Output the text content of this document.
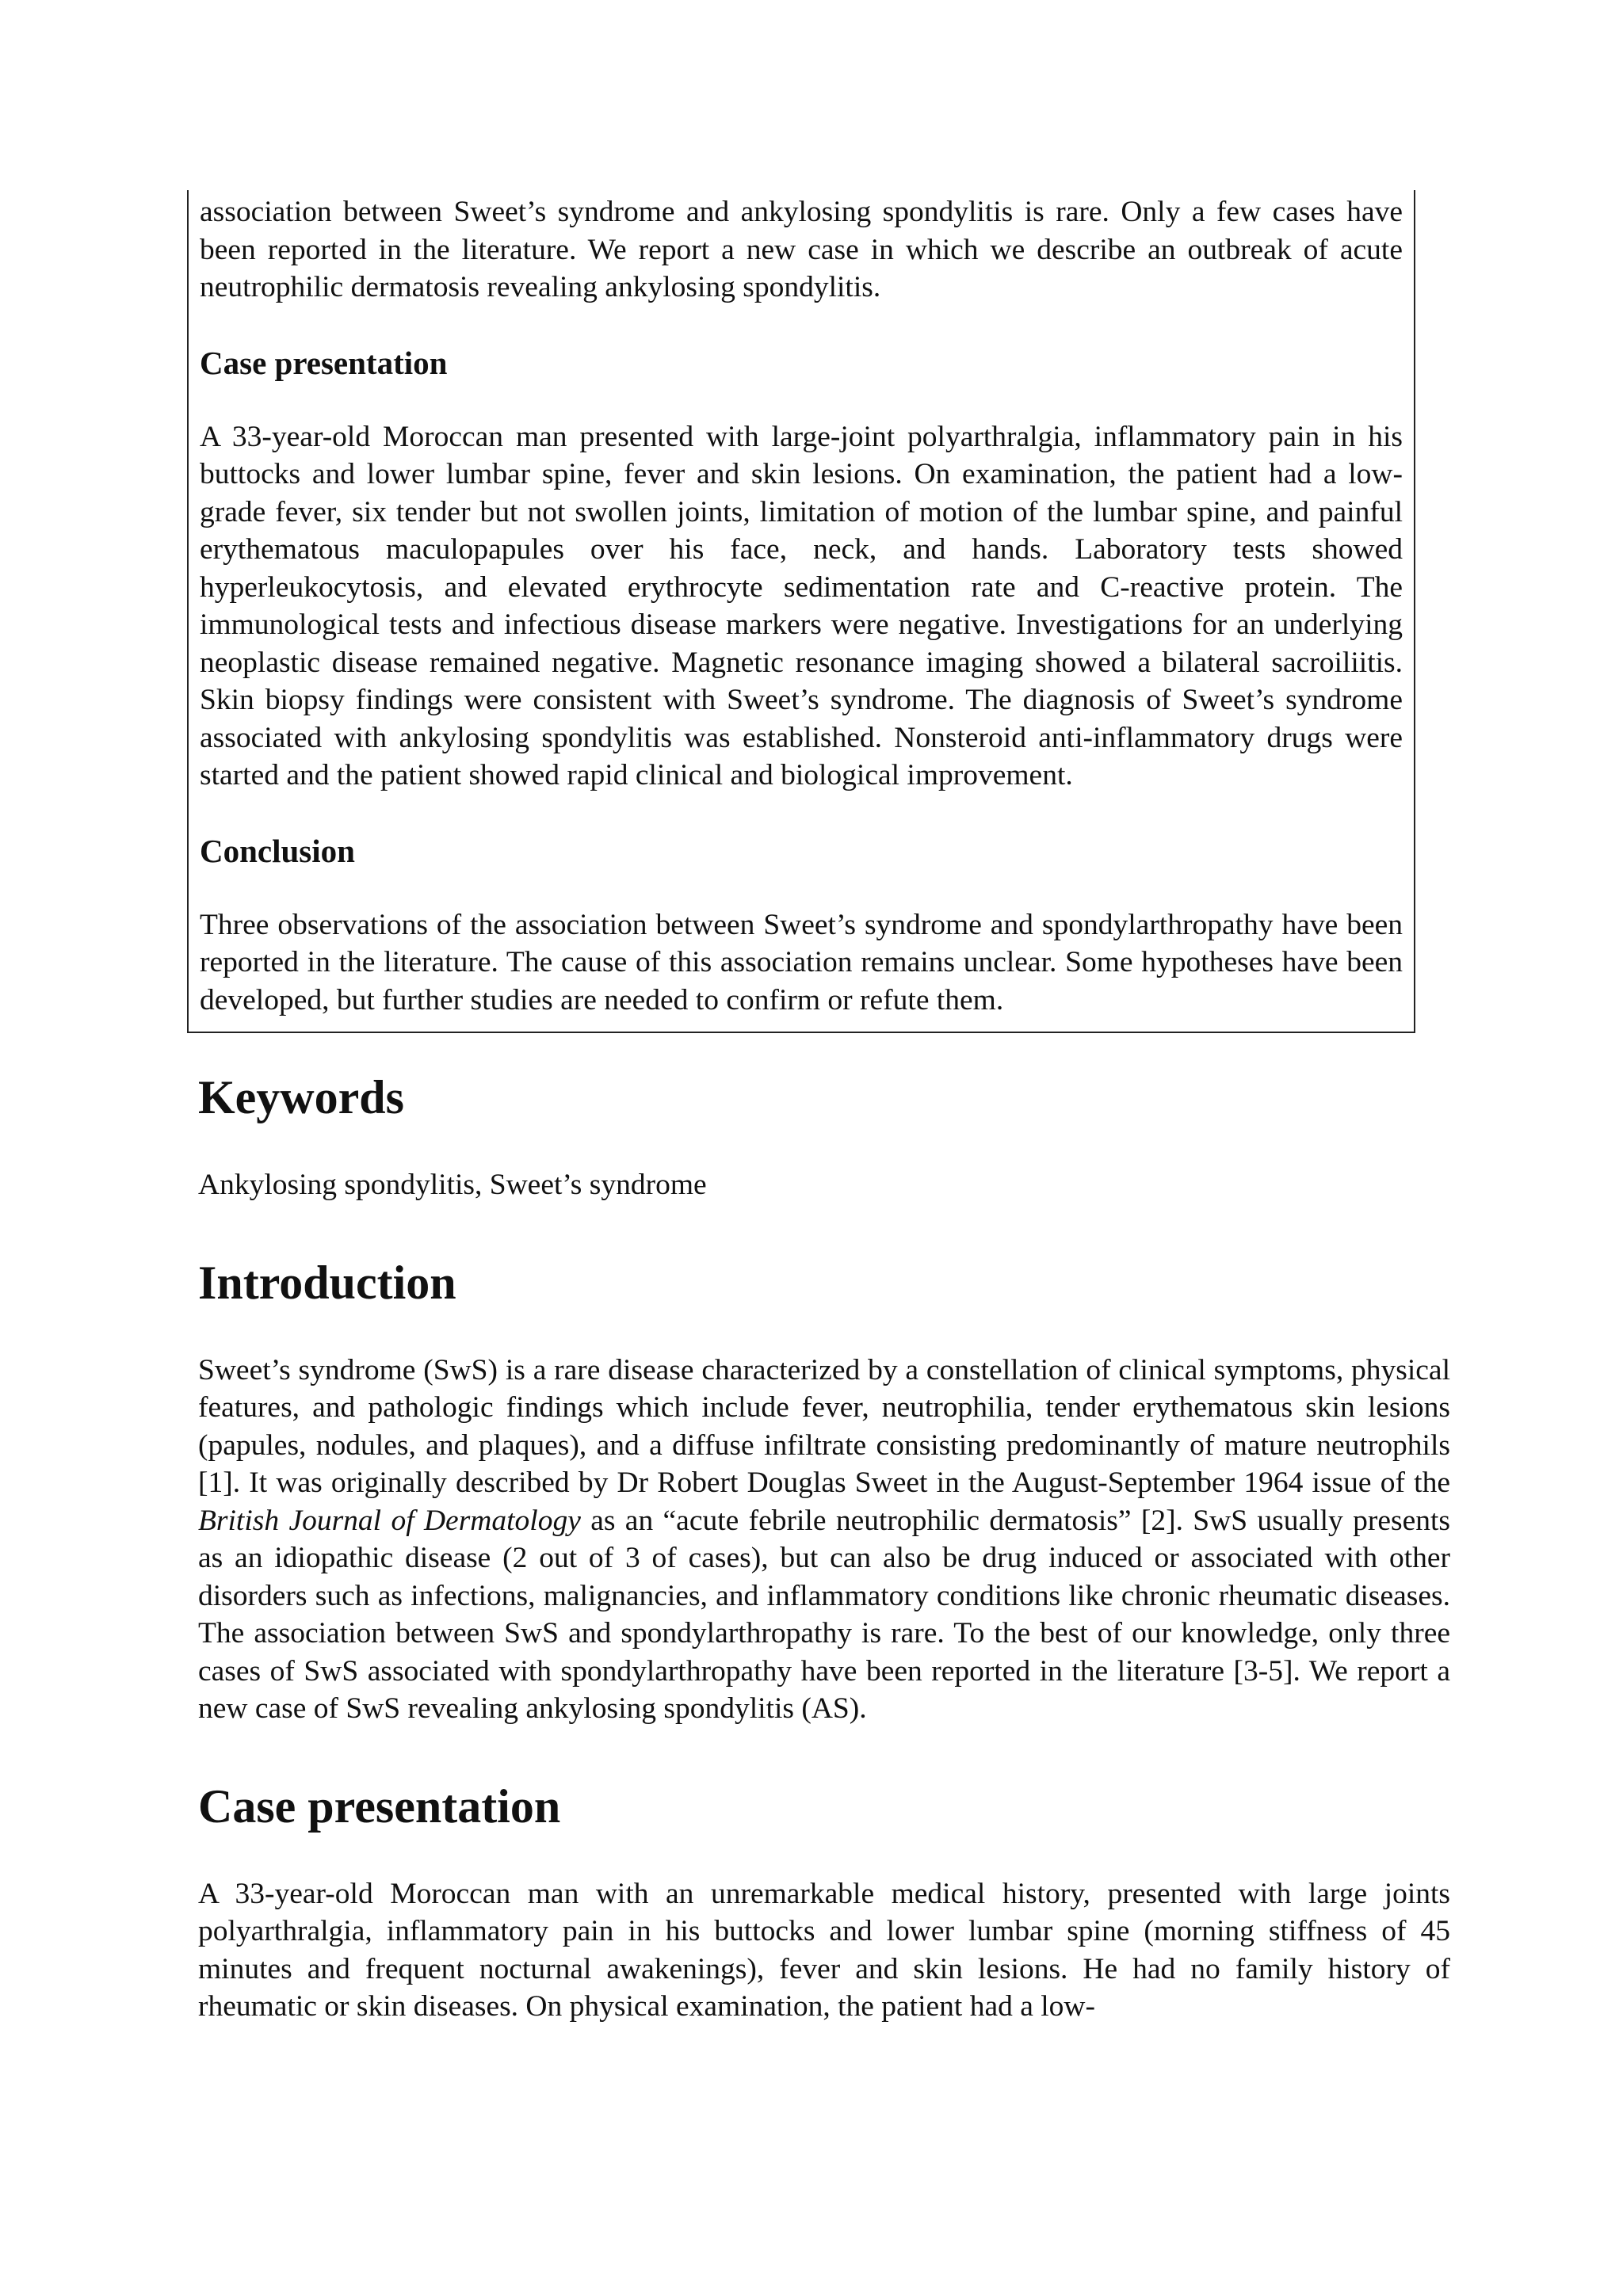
association between Sweet’s syndrome and ankylosing spondylitis is rare. Only a few cases have been reported in the literature. We report a new case in which we describe an outbreak of acute neutrophilic dermatosis revealing ankylosing spondylitis.

Case presentation

A 33-year-old Moroccan man presented with large-joint polyarthralgia, inflammatory pain in his buttocks and lower lumbar spine, fever and skin lesions. On examination, the patient had a low-grade fever, six tender but not swollen joints, limitation of motion of the lumbar spine, and painful erythematous maculopapules over his face, neck, and hands. Laboratory tests showed hyperleukocytosis, and elevated erythrocyte sedimentation rate and C-reactive protein. The immunological tests and infectious disease markers were negative. Investigations for an underlying neoplastic disease remained negative. Magnetic resonance imaging showed a bilateral sacroiliitis. Skin biopsy findings were consistent with Sweet’s syndrome. The diagnosis of Sweet’s syndrome associated with ankylosing spondylitis was established. Nonsteroid anti-inflammatory drugs were started and the patient showed rapid clinical and biological improvement.

Conclusion

Three observations of the association between Sweet’s syndrome and spondylarthropathy have been reported in the literature. The cause of this association remains unclear. Some hypotheses have been developed, but further studies are needed to confirm or refute them.

Keywords

Ankylosing spondylitis, Sweet’s syndrome

Introduction

Sweet’s syndrome (SwS) is a rare disease characterized by a constellation of clinical symptoms, physical features, and pathologic findings which include fever, neutrophilia, tender erythematous skin lesions (papules, nodules, and plaques), and a diffuse infiltrate consisting predominantly of mature neutrophils [1]. It was originally described by Dr Robert Douglas Sweet in the August-September 1964 issue of the British Journal of Dermatology as an “acute febrile neutrophilic dermatosis” [2]. SwS usually presents as an idiopathic disease (2 out of 3 of cases), but can also be drug induced or associated with other disorders such as infections, malignancies, and inflammatory conditions like chronic rheumatic diseases. The association between SwS and spondylarthropathy is rare. To the best of our knowledge, only three cases of SwS associated with spondylarthropathy have been reported in the literature [3-5]. We report a new case of SwS revealing ankylosing spondylitis (AS).

Case presentation

A 33-year-old Moroccan man with an unremarkable medical history, presented with large joints polyarthralgia, inflammatory pain in his buttocks and lower lumbar spine (morning stiffness of 45 minutes and frequent nocturnal awakenings), fever and skin lesions. He had no family history of rheumatic or skin diseases. On physical examination, the patient had a low-
